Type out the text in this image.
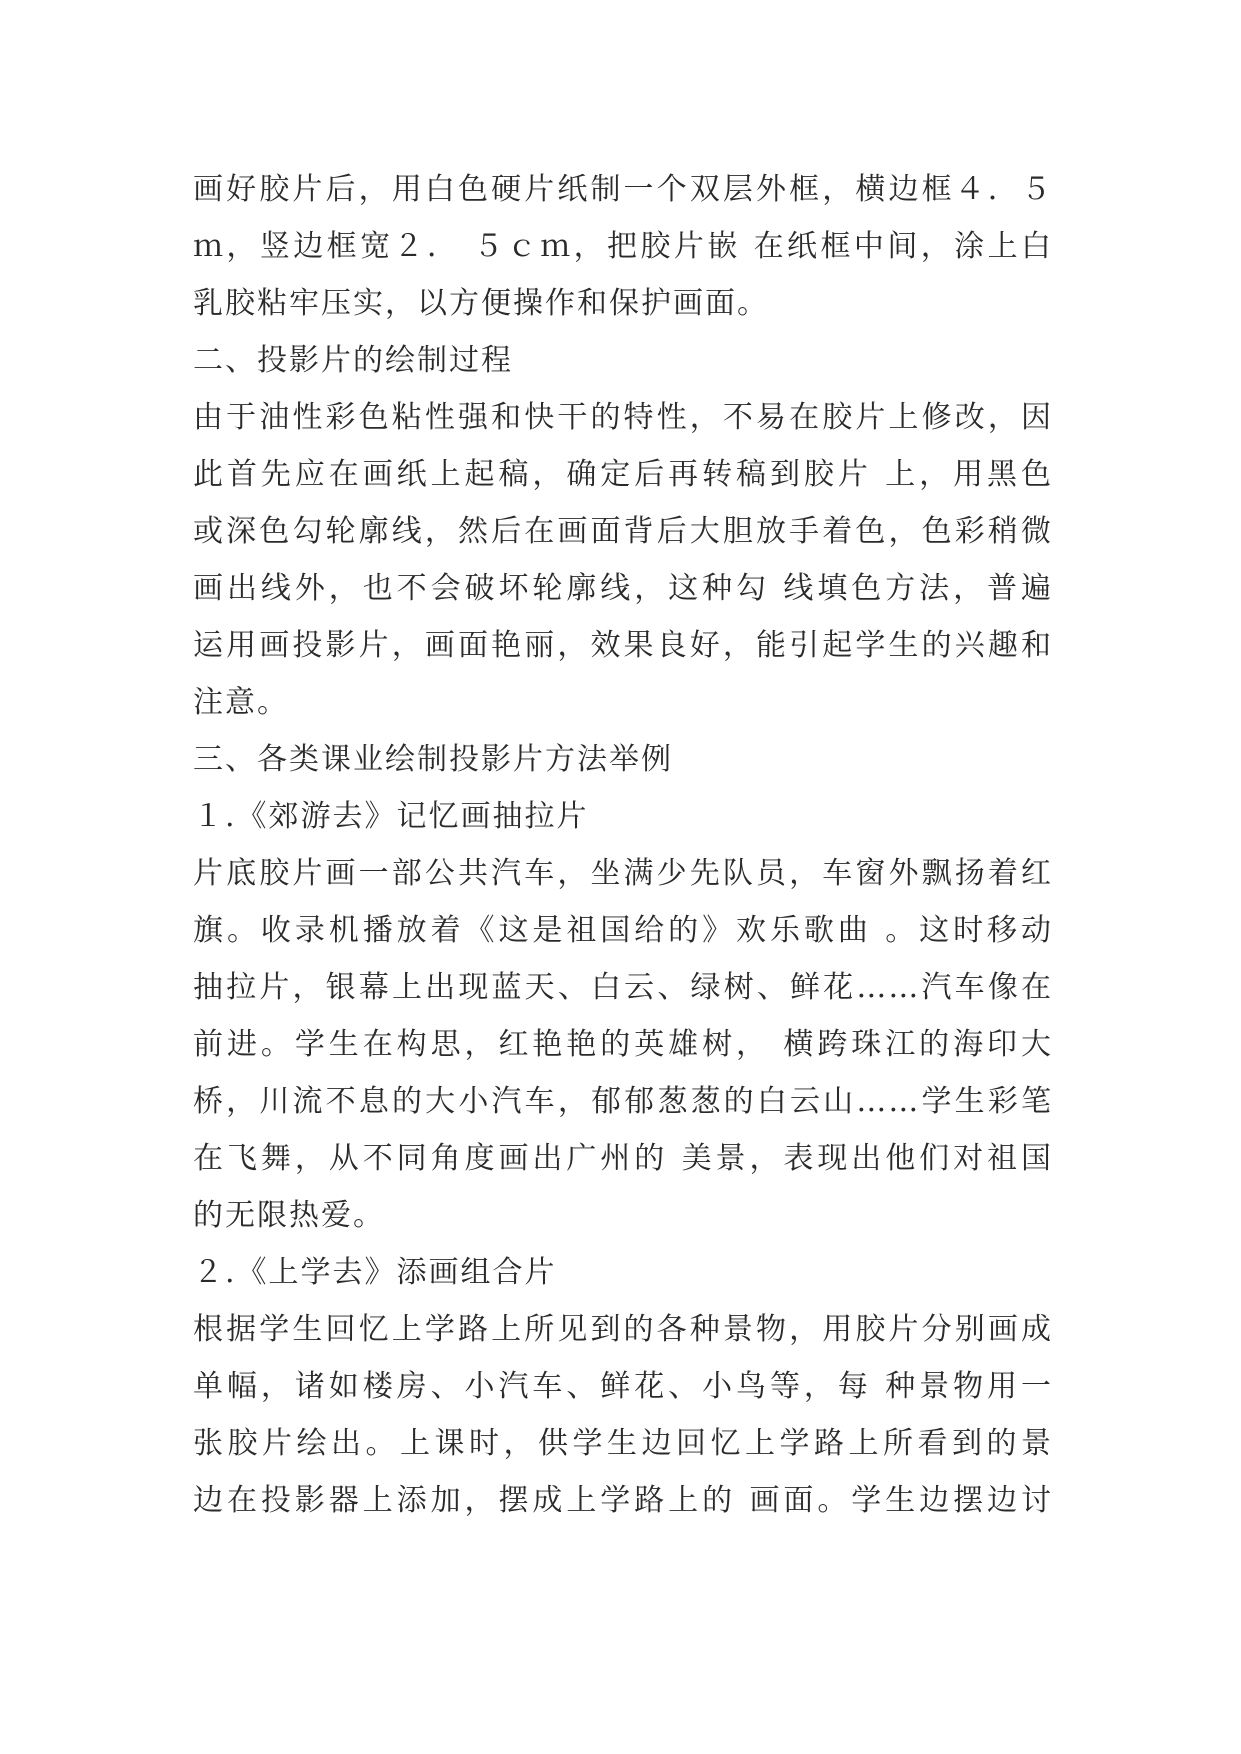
画好胶片后，用白色硬片纸制一个双层外框，横边框４．５
ｍ，竖边框宽２． ５ｃｍ，把胶片嵌 在纸框中间，涂上白
乳胶粘牢压实，以方便操作和保护画面。
二、投影片的绘制过程
由于油性彩色粘性强和快干的特性，不易在胶片上修改，因
此首先应在画纸上起稿，确定后再转稿到胶片 上，用黑色
或深色勾轮廓线，然后在画面背后大胆放手着色，色彩稍微
画出线外，也不会破坏轮廓线，这种勾 线填色方法，普遍
运用画投影片，画面艳丽，效果良好，能引起学生的兴趣和
注意。
三、各类课业绘制投影片方法举例
１.《郊游去》记忆画抽拉片
片底胶片画一部公共汽车，坐满少先队员，车窗外飘扬着红
旗。收录机播放着《这是祖国给的》欢乐歌曲 。这时移动
抽拉片，银幕上出现蓝天、白云、绿树、鲜花……汽车像在
前进。学生在构思，红艳艳的英雄树， 横跨珠江的海印大
桥，川流不息的大小汽车，郁郁葱葱的白云山……学生彩笔
在飞舞，从不同角度画出广州的 美景，表现出他们对祖国
的无限热爱。
２.《上学去》添画组合片
根据学生回忆上学路上所见到的各种景物，用胶片分别画成
单幅，诸如楼房、小汽车、鲜花、小鸟等，每 种景物用一
张胶片绘出。上课时，供学生边回忆上学路上所看到的景
边在投影器上添加，摆成上学路上的 画面。学生边摆边讨
